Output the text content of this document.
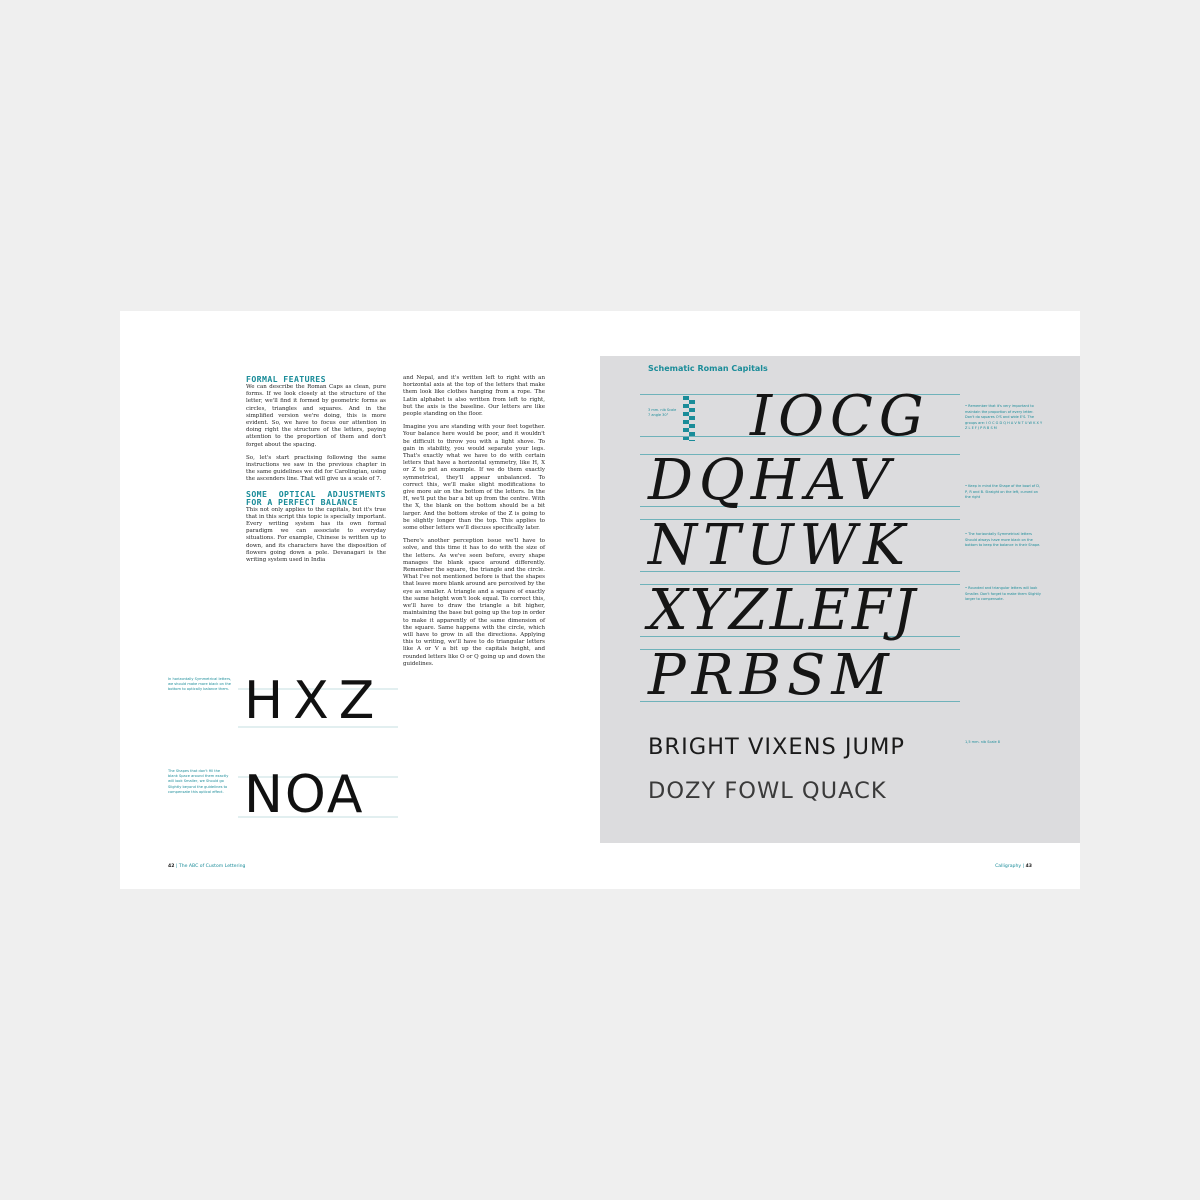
FORMAL FEATURES

We can describe the Roman Caps as clean, pure forms. If we look closely at the structure of the letter, we'll find it formed by geometric forms as circles, triangles and squares. And in the simplified version we're doing, this is more evident. So, we have to focus our attention in doing right the structure of the letters, paying attention to the proportion of them and don't forget about the spacing.

So, let's start practising following the same instructions we saw in the previous chapter in the same guidelines we did for Carolingian, using the ascenders line. That will give us a scale of 7.

SOME OPTICAL ADJUSTMENTS FOR A PERFECT BALANCE

This not only applies to the capitals, but it's true that in this script this topic is specially important. Every writing system has its own formal paradigm we can associate to everyday situations. For example, Chinese is written up to down, and its characters have the disposition of flowers going down a pole. Devanagari is the writing system used in India

and Nepal, and it's written left to right with an horizontal axis at the top of the letters that make them look like clothes hanging from a rope. The Latin alphabet is also written from left to right, but the axis is the baseline. Our letters are like people standing on the floor.

Imagine you are standing with your feet together. Your balance here would be poor, and it wouldn't be difficult to throw you with a light shove. To gain in stability, you would separate your legs. That's exactly what we have to do with certain letters that have a horizontal symmetry, like H, X or Z to put an example. If we do them exactly symmetrical, they'll appear unbalanced. To correct this, we'll make slight modifications to give more air on the bottom of the letters. In the H, we'll put the bar a bit up from the centre. With the X, the blank on the bottom should be a bit larger. And the bottom stroke of the Z is going to be slightly longer than the top. This applies to some other letters we'll discuss specifically later.

There's another perception issue we'll have to solve, and this time it has to do with the size of the letters. As we've seen before, every shape manages the blank space around differently. Remember the square, the triangle and the circle. What I've not mentioned before is that the shapes that leave more blank around are perceived by the eye as smaller. A triangle and a square of exactly the same height won't look equal. To correct this, we'll have to draw the triangle a bit higher, maintaining the base but going up the top in order to make it apparently of the same dimension of the square. Same happens with the circle, which will have to grow in all the directions. Applying this to writing, we'll have to do triangular letters like A or V a bit up the capitals height, and rounded letters like O or Q going up and down the guidelines.

In horizontally Symmetrical letters, we should make more black on the bottom to optically balance them.
The Shapes that don't fill the blank Space around them exactly will look Smaller, we Should go Slightly beyond the guidelines to compensate this optical effect.
HXZ
NOA
42 | The ABC of Custom Lettering
Schematic Roman Capitals
3 mm. nib Scale 7 angle 30° IOCG
DQHAV
NTUWK
XYZLEFJ
PRBSM
BRIGHT VIXENS JUMP
DOZY FOWL QUACK
• Remember that it's very important to maintain the proportion of every letter. Don't do squares O'S and wide E'S. The groups are: I O C G D Q H A V N T U W K X Y Z L E F J P R B S M
• Keep in mind the Shape of the bowl of D, P, R and B. Straight on the left, curved on the right
• The horizontally Symmetrical letters Should always have more black on the bottom to keep the balance in their Shape.
• Rounded and triangular letters will look Smaller. Don't forget to make them Slightly larger to compensate.
1,5 mm. nib Scale 8
Calligraphy | 43
